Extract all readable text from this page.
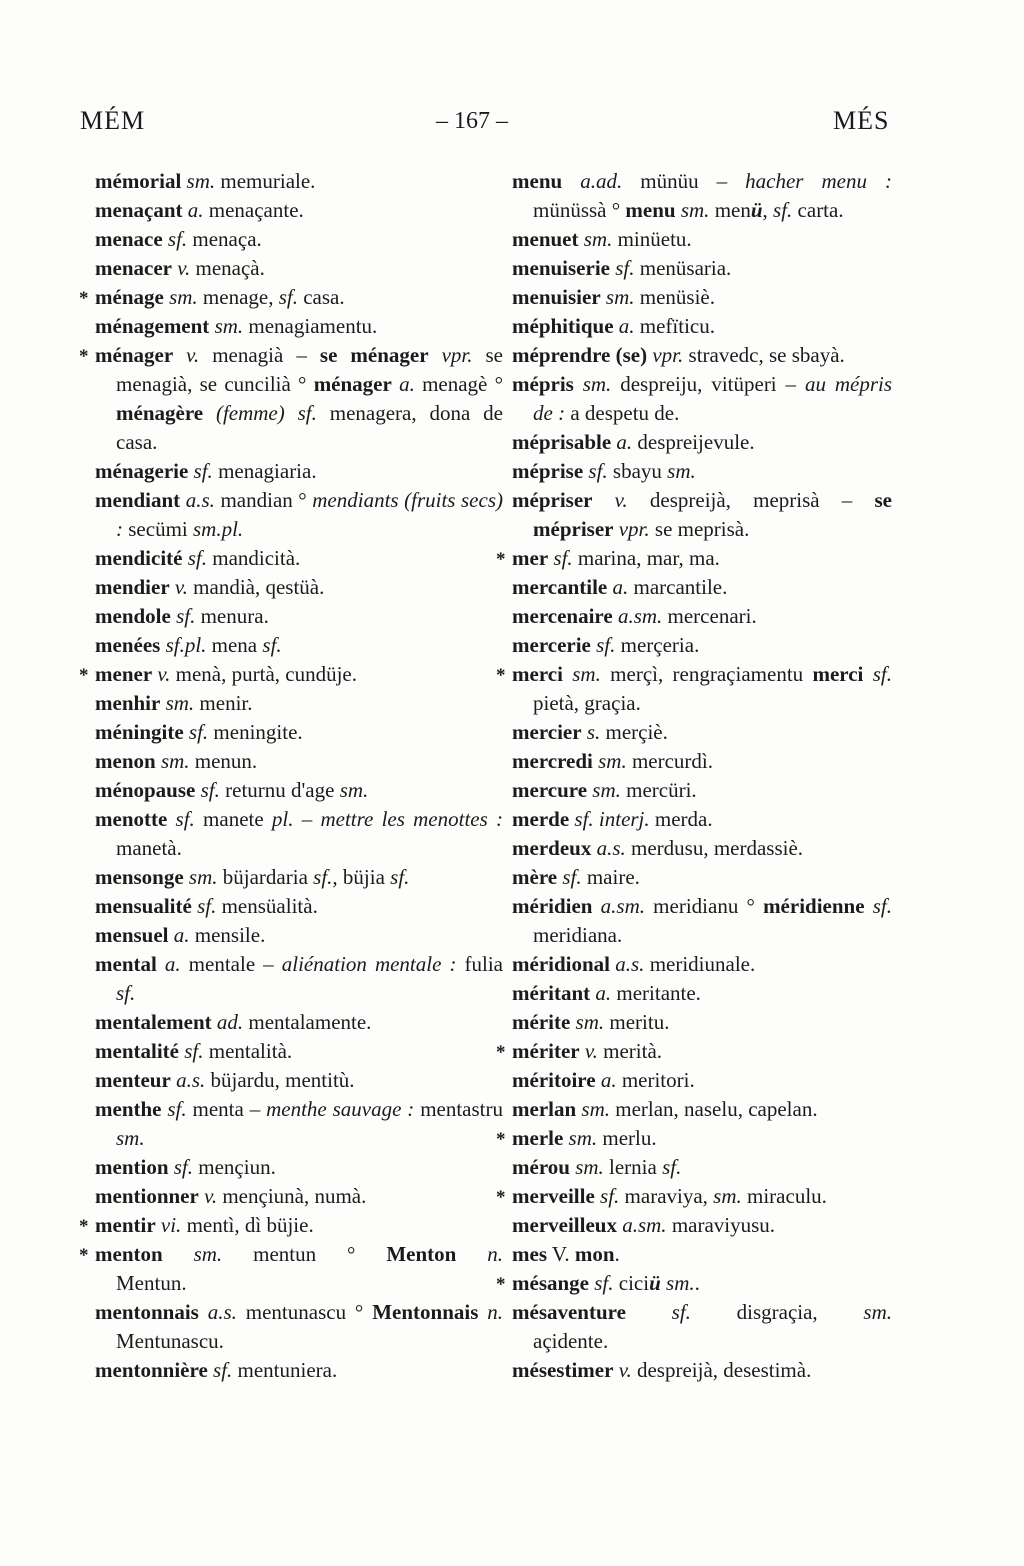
MÉM	– 167 –	MÉS
mémorial sm. memuriale.
menaçant a. menaçante.
menace sf. menaça.
menacer v. menaçà.
* ménage sm. menage, sf. casa.
ménagement sm. menagiamentu.
* ménager v. menagià – se ménager vpr. se menagià, se cuncilià ° ménager a. menagè ° ménagère (femme) sf. menagera, dona de casa.
ménagerie sf. menagiaria.
mendiant a.s. mandian ° mendiants (fruits secs) : secümi sm.pl.
mendicité sf. mandicità.
mendier v. mandià, qestüà.
mendole sf. menura.
menées sf.pl. mena sf.
* mener v. menà, purtà, cundüje.
menhir sm. menir.
méningite sf. meningite.
menon sm. menun.
ménopause sf. returnu d'age sm.
menotte sf. manete pl. – mettre les menottes : manetà.
mensonge sm. büjardaria sf., büjia sf.
mensualité sf. mensüalità.
mensuel a. mensile.
mental a. mentale – aliénation mentale : fulia sf.
mentalement ad. mentalamente.
mentalité sf. mentalità.
menteur a.s. büjardu, mentitù.
menthe sf. menta – menthe sauvage : mentastru sm.
mention sf. mençiun.
mentionner v. mençiunà, numà.
* mentir vi. mentì, dì büjie.
* menton sm. mentun ° Menton n.
Mentun.
mentonnais a.s. mentunascu ° Mentonnais n. Mentunascu.
mentonnière sf. mentuniera.
menu a.ad. münüu – hacher menu : münüssà ° menu sm. menü, sf. carta.
menuet sm. minüetu.
menuiserie sf. menüsaria.
menuisier sm. menüsiè.
méphitique a. mefïticu.
méprendre (se) vpr. stravedc, se sbayà.
mépris sm. despreiju, vitüperi – au mépris de : a despetu de.
méprisable a. despreijevule.
méprise sf. sbayu sm.
mépriser v. despreijà, meprisà – se mépriser vpr. se meprisà.
* mer sf. marina, mar, ma.
mercantile a. marcantile.
mercenaire a.sm. mercenari.
mercerie sf. merçeria.
* merci sm. merçì, rengraçiamentu merci sf. pietà, graçia.
mercier s. merçiè.
mercredi sm. mercurdì.
mercure sm. mercüri.
merde sf. interj. merda.
merdeux a.s. merdusu, merdassiè.
mère sf. maire.
méridien a.sm. meridianu ° méridienne sf. meridiana.
méridional a.s. meridiunale.
méritant a. meritante.
mérite sm. meritu.
* mériter v. merità.
méritoire a. meritori.
merlan sm. merlan, naselu, capelan.
* merle sm. merlu.
mérou sm. lernia sf.
* merveille sf. maraviya, sm. miraculu.
merveilleux a.sm. maraviyusu.
mes V. mon.
* mésange sf. ciciü sm..
mésaventure sf. disgraçia, sm.
açidente.
mésestimer v. despreijà, desestimà.
